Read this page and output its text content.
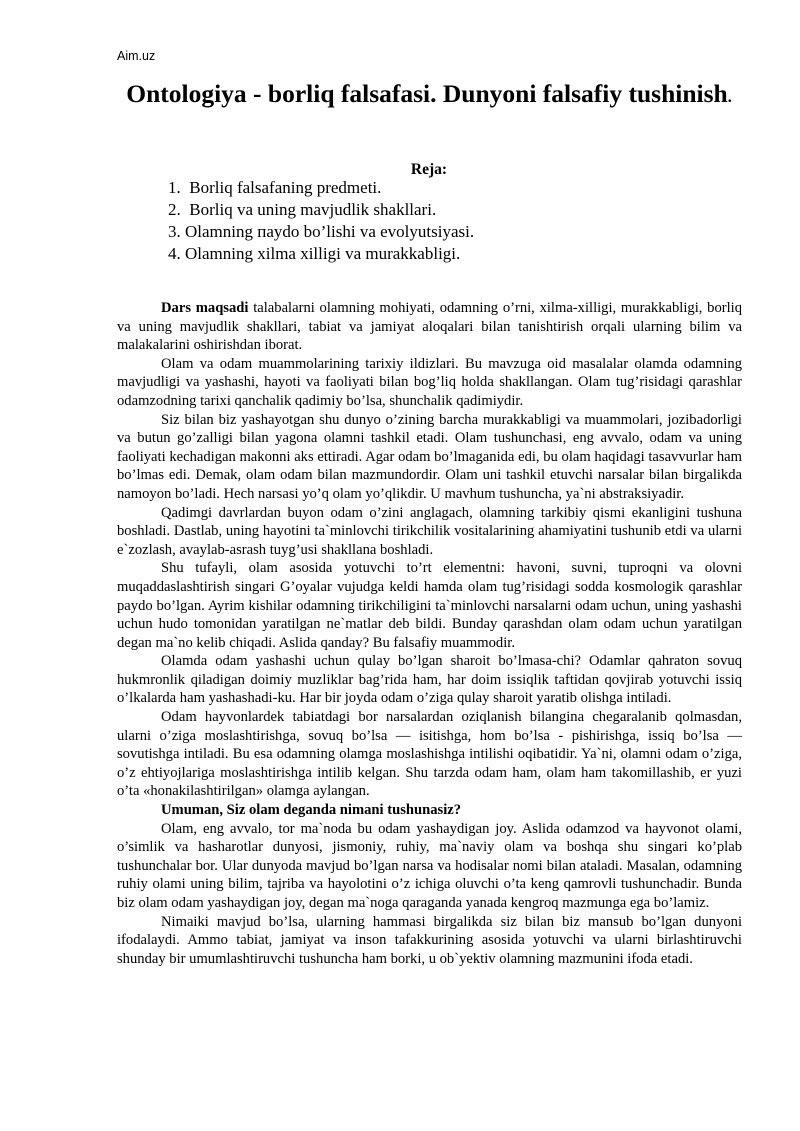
Aim.uz
Ontologiya - borliq falsafasi. Dunyoni falsafiy tushinish.
Reja:
1. Borliq falsafaning predmeti.
2. Borliq va uning mavjudlik shakllari.
3. Olamning пaydo bo’lishi va evolyutsiyasi.
4. Olamning xilma xilligi va murakkabligi.

Dars maqsadi talabalarni olamning mohiyati, odamning o’rni, xilma-xilligi, murakkabligi, borliq va uning mavjudlik shakllari, tabiat va jamiyat aloqalari bilan tanishtirish orqali ularning bilim va malakalarini oshirishdan iborat.

Olam va odam muammolarining tarixiy ildizlari. Bu mavzuga oid masalalar olamda odamning mavjudligi va yashashi, hayoti va faoliyati bilan bog’liq holda shakllangan. Olam tug’risidagi qarashlar odamzodning tarixi qanchalik qadimiy bo’lsa, shunchalik qadimiydir.

Siz bilan biz yashayotgan shu dunyo o’zining barcha murakkabligi va muammolari, jozibadorligi va butun go’zalligi bilan yagona olamni tashkil etadi. Olam tushunchasi, eng avvalo, odam va uning faoliyati kechadigan makonni aks ettiradi. Agar odam bo’lmaganida edi, bu olam haqidagi tasavvurlar ham bo’lmas edi. Demak, olam odam bilan mazmundordir. Olam uni tashkil etuvchi narsalar bilan birgalikda namoyon bo’ladi. Hech narsasi yo’q olam yo’qlikdir. U mavhum tushuncha, ya`ni abstraksiyadir.

Qadimgi davrlardan buyon odam o’zini anglagach, olamning tarkibiy qismi ekanligini tushuna boshladi. Dastlab, uning hayotini ta`minlovchi tirikchilik vositalarining ahamiyatini tushunib etdi va ularni e`zozlash, avaylab-asrash tuyg’usi shakllana boshladi.

Shu tufayli, olam asosida yotuvchi to’rt elementni: havoni, suvni, tuproqni va olovni muqaddaslashtirish singari G’oyalar vujudga keldi hamda olam tug’risidagi sodda kosmologik qarashlar paydo bo’lgan. Ayrim kishilar odamning tirikchiligini ta`minlovchi narsalarni odam uchun, uning yashashi uchun hudo tomonidan yaratilgan ne`matlar deb bildi. Bunday qarashdan olam odam uchun yaratilgan degan ma`no kelib chiqadi. Aslida qanday? Bu falsafiy muammodir.

Olamda odam yashashi uchun qulay bo’lgan sharoit bo’lmasa-chi? Odamlar qahraton sovuq hukmronlik qiladigan doimiy muzliklar bag’rida ham, har doim issiqlik taftidan qovjirab yotuvchi issiq o’lkalarda ham yashashadi-ku. Har bir joyda odam o’ziga qulay sharoit yaratib olishga intiladi.

Odam hayvonlardek tabiatdagi bor narsalardan oziqlanish bilangina chegaralanib qolmasdan, ularni o’ziga moslashtirishga, sovuq bo’lsa — isitishga, hom bo’lsa - pishirishga, issiq bo’lsa — sovutishga intiladi. Bu esa odamning olamga moslashishga intilishi oqibatidir. Ya`ni, olamni odam o’ziga, o’z ehtiyojlariga moslashtirishga intilib kelgan. Shu tarzda odam ham, olam ham takomillashib, er yuzi o’ta «honakilashtirilgan» olamga aylangan.

Umuman, Siz olam deganda nimani tushunasiz?

Olam, eng avvalo, tor ma`noda bu odam yashaydigan joy. Aslida odamzod va hayvonot olami, o’simlik va hasharotlar dunyosi, jismoniy, ruhiy, ma`naviy olam va boshqa shu singari ko’plab tushunchalar bor. Ular dunyoda mavjud bo’lgan narsa va hodisalar nomi bilan ataladi. Masalan, odamning ruhiy olami uning bilim, tajriba va hayolotini o’z ichiga oluvchi o’ta keng qamrovli tushunchadir. Bunda biz olam odam yashaydigan joy, degan ma`noga qaraganda yanada kengroq mazmunga ega bo’lamiz.

Nimaiki mavjud bo’lsa, ularning hammasi birgalikda siz bilan biz mansub bo’lgan dunyoni ifodalaydi. Ammo tabiat, jamiyat va inson tafakkurining asosida yotuvchi va ularni birlashtiruvchi shunday bir umumlashtiruvchi tushuncha ham borki, u ob`yektiv olamning mazmunini ifoda etadi.
